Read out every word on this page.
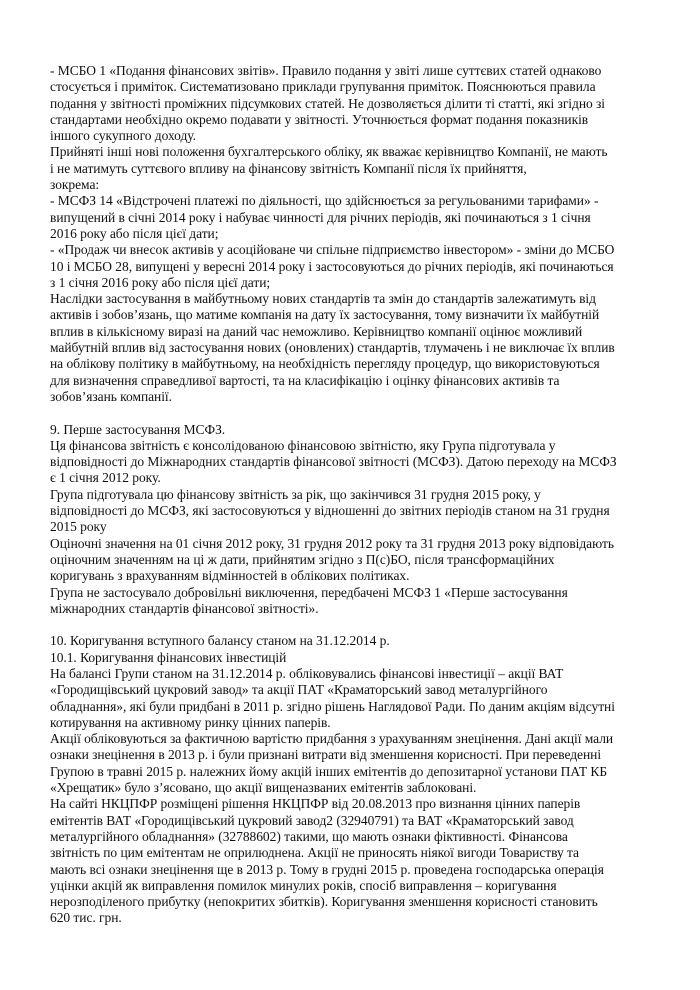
- МСБО 1 «Подання фінансових звітів». Правило подання у звіті лише суттєвих статей однаково
стосується і приміток. Систематизовано приклади групування приміток. Пояснюються правила
подання у звітності проміжних підсумкових статей. Не дозволяється ділити ті статті, які згідно зі
стандартами необхідно окремо подавати у звітності. Уточнюється формат подання показників
іншого сукупного доходу.
Прийняті інші нові положення бухгалтерського обліку, як вважає керівництво Компанії, не мають
і не матимуть суттєвого впливу на фінансову звітність Компанії після їх прийняття,
зокрема:
- МСФЗ 14 «Відстрочені платежі по діяльності, що здійснюється за регульованими тарифами» -
випущений в січні 2014 року і набуває чинності для річних періодів, які починаються з 1 січня
2016 року або після цієї дати;
- «Продаж чи внесок активів у асоційоване чи спільне підприємство інвестором» - зміни до МСБО
10 і МСБО 28, випущені у вересні 2014 року і застосовуються до річних періодів, які починаються
з 1 січня 2016 року або після цієї дати;
Наслідки застосування в майбутньому нових стандартів та змін до стандартів залежатимуть від
активів і зобов’язань, що матиме компанія на дату їх застосування, тому визначити їх майбутній
вплив в кількісному виразі на даний час неможливо. Керівництво компанії оцінює можливий
майбутній вплив від застосування нових (оновлених) стандартів, тлумачень і не виключає їх вплив
на облікову політику в майбутньому, на необхідність перегляду процедур, що використовуються
для визначення справедливої вартості, та на класифікацію і оцінку фінансових активів та
зобов’язань компанії.
9. Перше застосування МСФЗ.
Ця фінансова звітність є консолідованою фінансовою звітністю, яку Група підготувала у
відповідності до Міжнародних стандартів фінансової звітності (МСФЗ). Датою переходу на МСФЗ
є 1 січня 2012 року.
Група підготувала цю фінансову звітність за рік, що закінчився 31 грудня 2015 року, у
відповідності до МСФЗ, які застосовуються у відношенні до звітних періодів станом на 31 грудня
2015 року
Оціночні значення на 01 січня 2012 року, 31 грудня 2012 року та 31 грудня 2013 року відповідають
оціночним значенням на ці ж дати, прийнятим згідно з П(с)БО, після трансформаційних
коригувань з врахуванням відмінностей в облікових політиках.
Група не застосувало добровільні виключення, передбачені МСФЗ 1 «Перше застосування
міжнародних стандартів фінансової звітності».
10. Коригування вступного балансу станом на 31.12.2014 р.
10.1. Коригування фінансових інвестицій
На балансі Групи станом на 31.12.2014 р. обліковувались фінансові інвестиції – акції ВАТ
«Городищівський цукровий завод» та акції ПАТ «Краматорський завод металургійного
обладнання», які були придбані в 2011 р. згідно рішень Наглядової Ради. По даним акціям відсутні
котирування на активному ринку цінних паперів.
Акції обліковуються за фактичною вартістю придбання з урахуванням знецінення. Дані акції мали
ознаки знецінення в 2013 р. і були признані витрати від зменшення корисності. При переведенні
Групою в травні 2015 р. належних йому акцій інших емітентів до депозитарної установи ПАТ КБ
«Хрещатик» було з’ясовано, що акції вищеназваних емітентів заблоковані.
На сайті НКЦПФР розміщені рішення НКЦПФР від 20.08.2013 про визнання цінних паперів
емітентів ВАТ «Городищівський цукровий завод2 (32940791) та ВАТ «Краматорський завод
металургійного обладнання» (32788602) такими, що мають ознаки фіктивності. Фінансова
звітність по цим емітентам не оприлюднена. Акції не приносять ніякої вигоди Товариству та
мають всі ознаки знецінення ще в 2013 р. Тому в грудні 2015 р. проведена господарська операція
уцінки акцій як виправлення помилок минулих років, спосіб виправлення – коригування
нерозподіленого прибутку (непокритих збитків). Коригування зменшення корисності становить
620 тис. грн.
